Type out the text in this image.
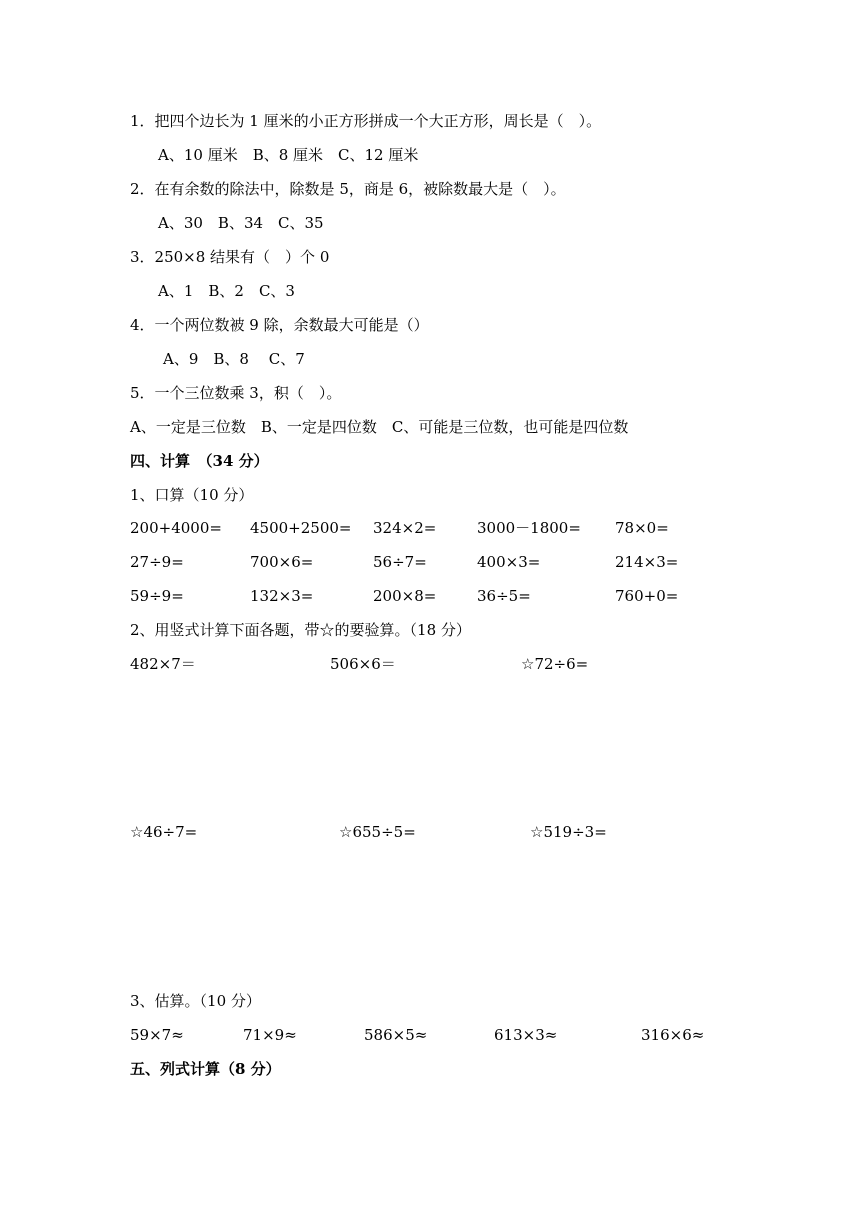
1．把四个边长为 1 厘米的小正方形拼成一个大正方形，周长是（　）。
A、10 厘米　B、8 厘米　C、12 厘米
2．在有余数的除法中，除数是 5，商是 6，被除数最大是（　）。
A、30　B、34　C、35
3．250×8 结果有（　）个 0
A、1　B、2　C、3
4．一个两位数被 9 除，余数最大可能是（）
A、9　B、8　 C、7
5．一个三位数乘 3，积（　）。
A、一定是三位数　B、一定是四位数　C、可能是三位数，也可能是四位数
四、计算　（34 分）
1、口算（10 分）
200+4000= 4500+2500= 324×2=	3000－1800= 78×0=
27÷9=	700×6=	56÷7=	400×3=	214×3=
59÷9=	132×3=	200×8=	36÷5=	760+0=
2、用竖式计算下面各题，带☆的要验算。（18 分）
482×7＝	506×6＝	☆72÷6=
☆46÷7=	☆655÷5=	☆519÷3=
3、估算。（10 分）
59×7≈	71×9≈	586×5≈	613×3≈	316×6≈
五、列式计算（8 分）
